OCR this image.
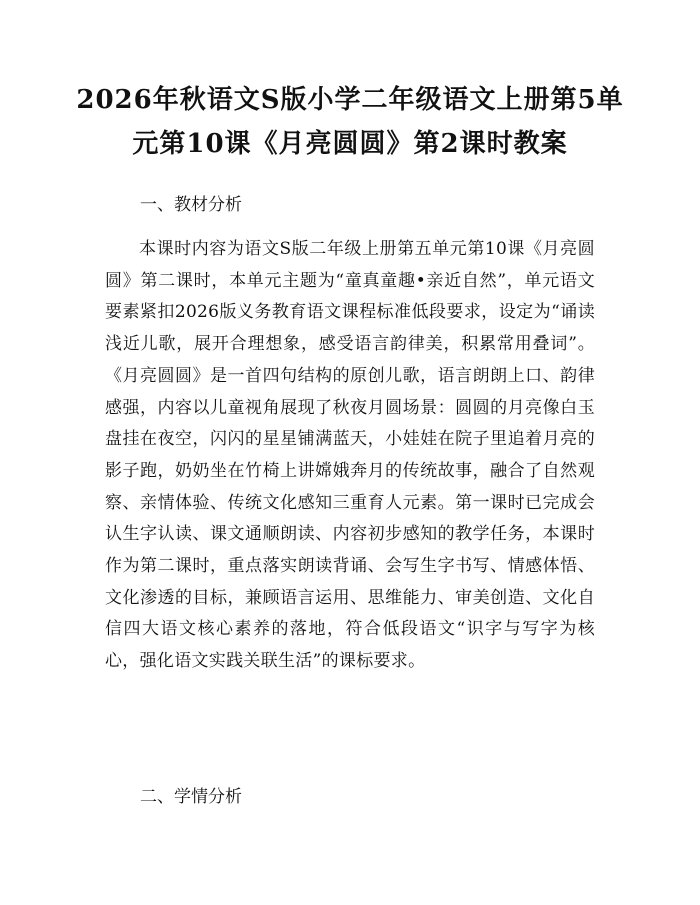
2026年秋语文S版小学二年级语文上册第5单元第10课《月亮圆圆》第2课时教案
一、教材分析
本课时内容为语文S版二年级上册第五单元第10课《月亮圆圆》第二课时，本单元主题为“童真童趣•亲近自然”，单元语文要素紧扣2026版义务教育语文课程标准低段要求，设定为“诵读浅近儿歌，展开合理想象，感受语言韵律美，积累常用叠词”。《月亮圆圆》是一首四句结构的原创儿歌，语言朗朗上口、韵律感强，内容以儿童视角展现了秋夜月圆场景：圆圆的月亮像白玉盘挂在夜空，闪闪的星星铺满蓝天，小娃娃在院子里追着月亮的影子跑，奶奶坐在竹椅上讲嫦娥奔月的传统故事，融合了自然观察、亲情体验、传统文化感知三重育人元素。第一课时已完成会认生字认读、课文通顺朗读、内容初步感知的教学任务，本课时作为第二课时，重点落实朗读背诵、会写生字书写、情感体悟、文化渗透的目标，兼顾语言运用、思维能力、审美创造、文化自信四大语文核心素养的落地，符合低段语文“识字与写字为核心，强化语文实践关联生活”的课标要求。
二、学情分析
